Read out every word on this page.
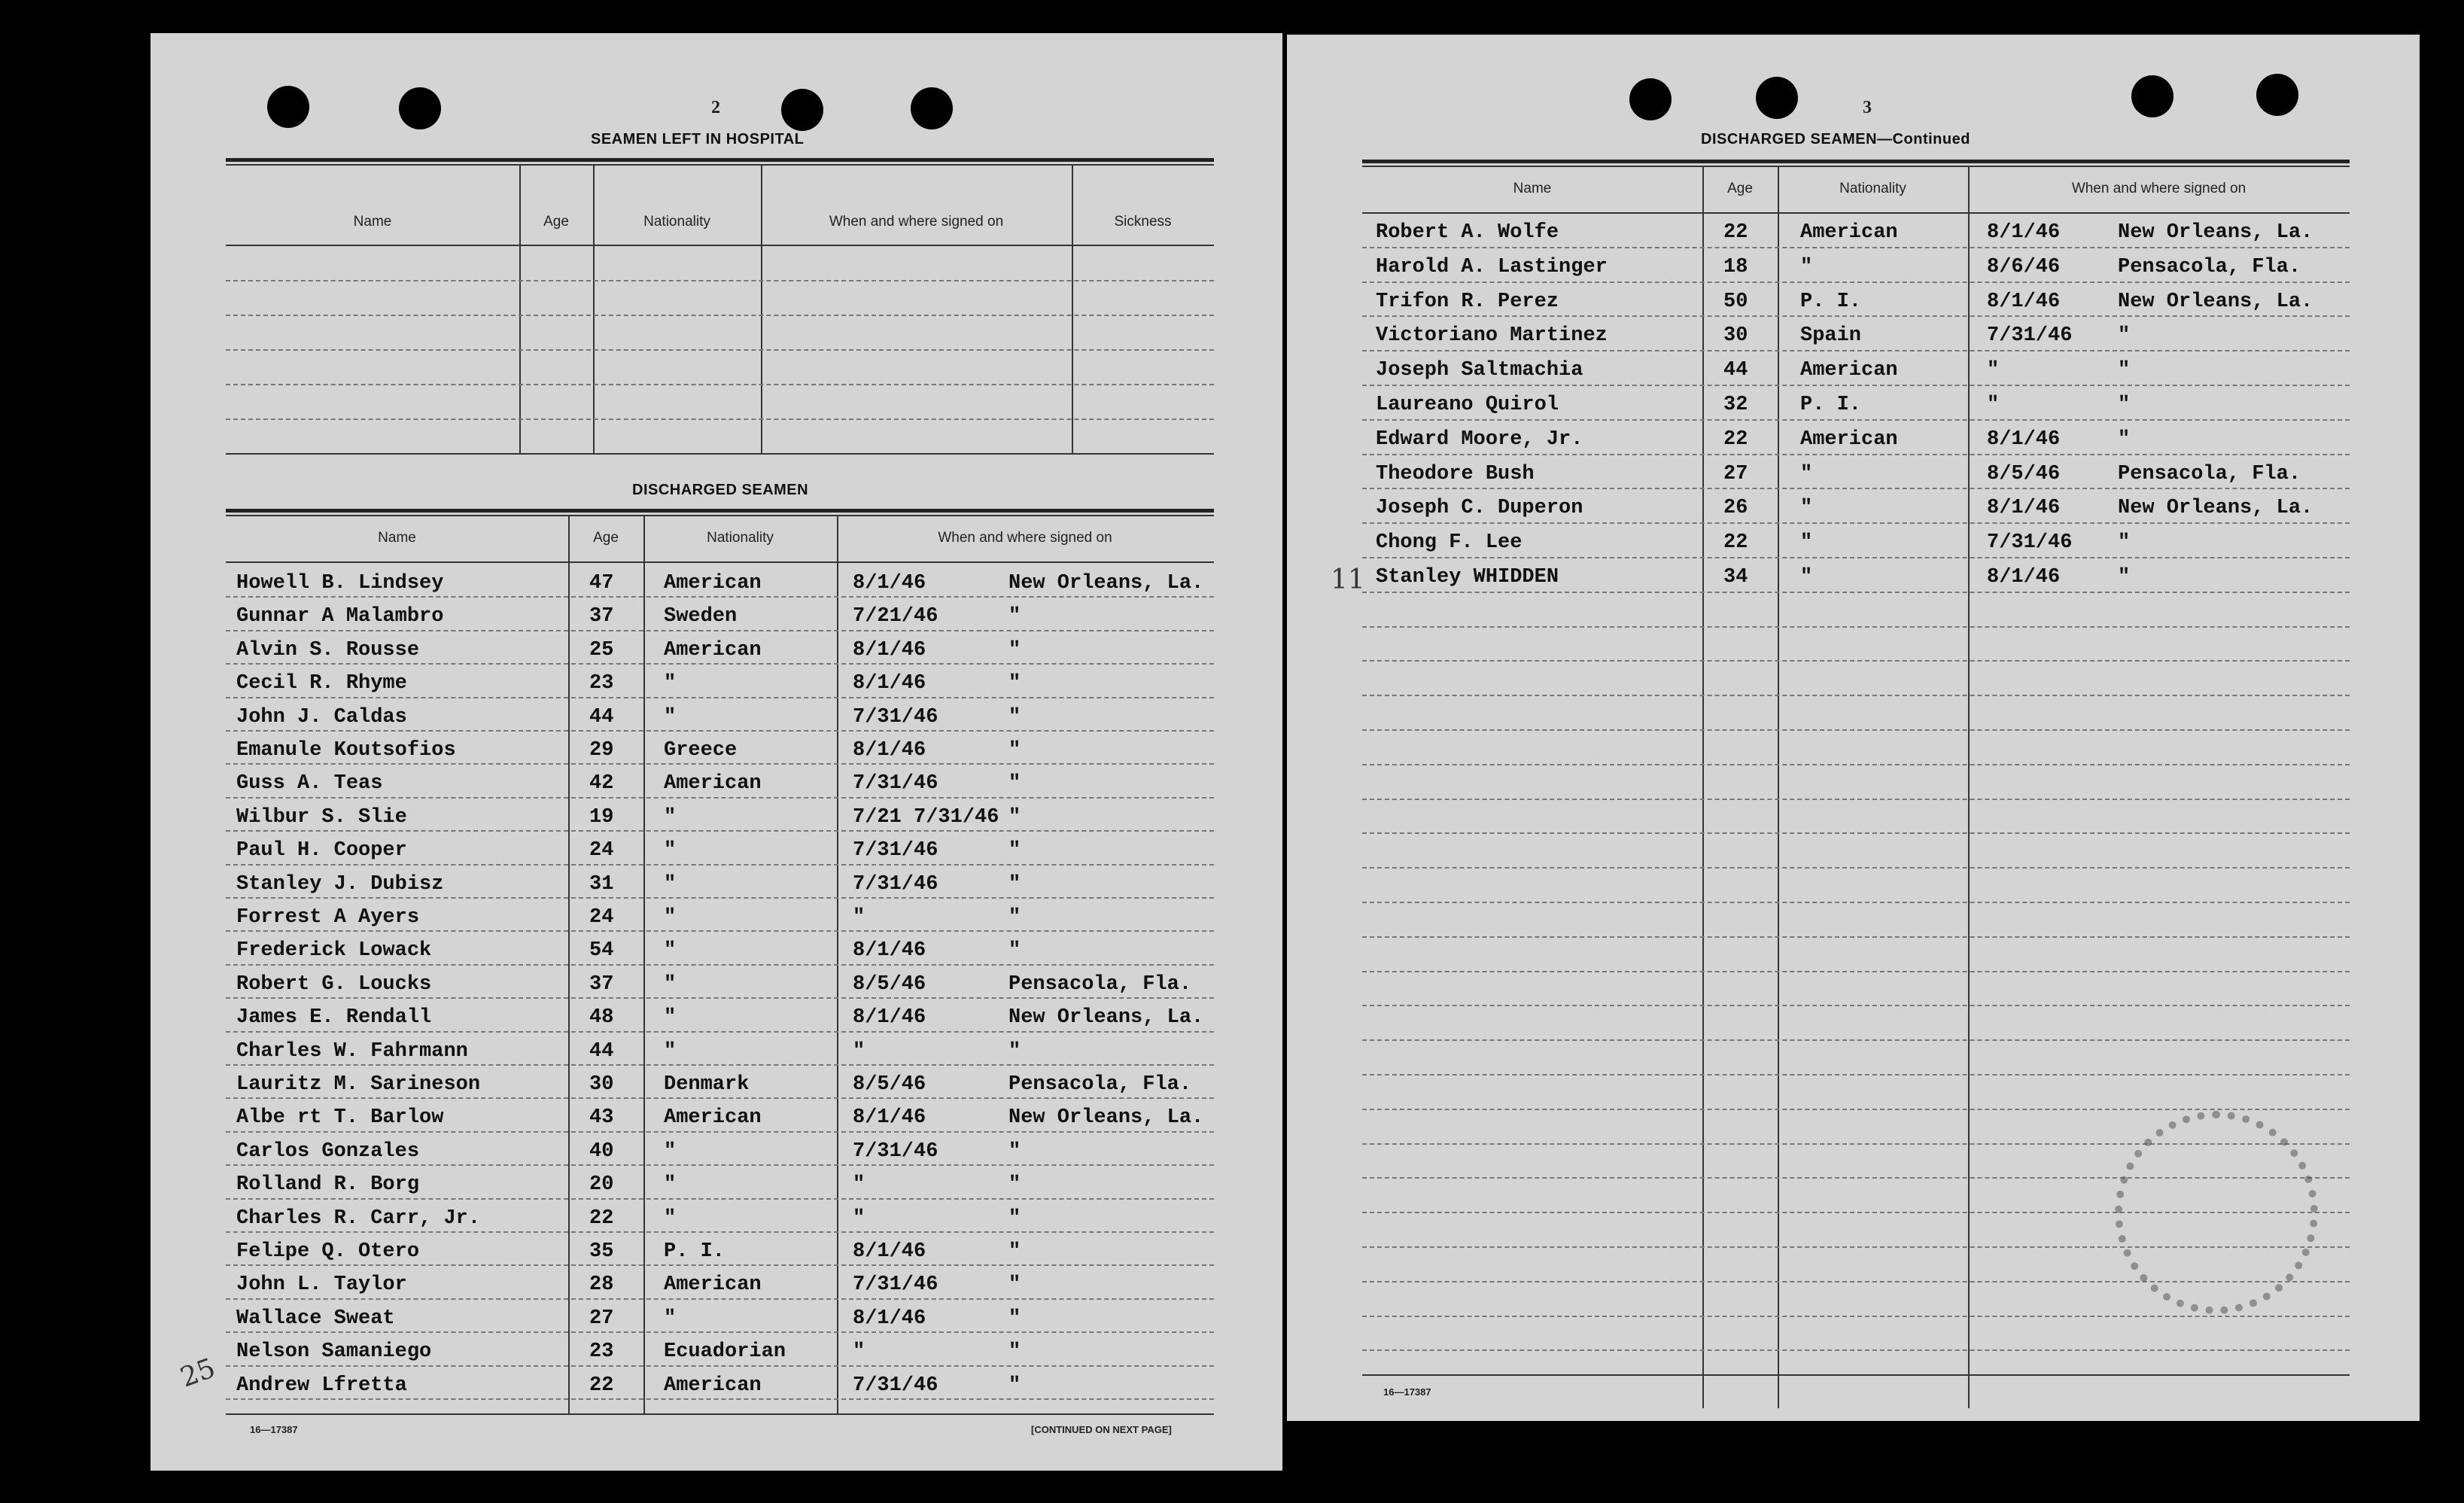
2
SEAMEN LEFT IN HOSPITAL
Name	Age	Nationality	When and where signed on	Sickness
DISCHARGED SEAMEN
Name	Age	Nationality	When and where signed on
Howell B. Lindsey	47 American	8/1/46	New Orleans, La.
Gunnar A Malambro	37 Sweden	7/21/46	"
Alvin S. Rousse	25 American	8/1/46	"
Cecil R. Rhyme	23 "	8/1/46	"
John J. Caldas	44 "	7/31/46	"
Emanule Koutsofios	29 Greece	8/1/46	"
Guss A. Teas	42 American	7/31/46	"
Wilbur S. Slie	19 "	7/21 7/31/46 "
Paul H. Cooper	24 "	7/31/46	"
Stanley J. Dubisz	31 "	7/31/46	"
Forrest A Ayers	24 "	"	"
Frederick Lowack	54 "	8/1/46	"
Robert G. Loucks	37 "	8/5/46	Pensacola, Fla.
James E. Rendall	48 "	8/1/46	New Orleans, La.
Charles W. Fahrmann	44 "	"	"
Lauritz M. Sarineson	30 Denmark	8/5/46	Pensacola, Fla.
Albe rt T. Barlow	43 American	8/1/46	New Orleans, La.
Carlos Gonzales	40 "	7/31/46	"
Rolland R. Borg	20 "	"	"
Charles R. Carr, Jr.	22 "	"	"
Felipe Q. Otero	35 P. I.	8/1/46	"
John L. Taylor	28 American	7/31/46	"
Wallace Sweat	27 "	8/1/46	"
Nelson Samaniego	23 Ecuadorian	"	"
Andrew Lfretta	22 American	7/31/46	"
16—17387	[CONTINUED ON NEXT PAGE]
25
3
DISCHARGED SEAMEN—Continued
Name	Age	Nationality	When and where signed on
Robert A. Wolfe	22	American	8/1/46	New Orleans, La.
Harold A. Lastinger	18	"	8/6/46	Pensacola, Fla.
Trifon R. Perez	50	P. I.	8/1/46	New Orleans, La.
Victoriano Martinez	30	Spain	7/31/46 "
Joseph Saltmachia	44	American	"	"
Laureano Quirol	32	P. I.	"	"
Edward Moore, Jr.	22	American	8/1/46	"
Theodore Bush	27	"	8/5/46	Pensacola, Fla.
Joseph C. Duperon	26	"	8/1/46	New Orleans, La.
Chong F. Lee	22	"	7/31/46 "
Stanley WHIDDEN	34	"	8/1/46	"
16—17387
11
